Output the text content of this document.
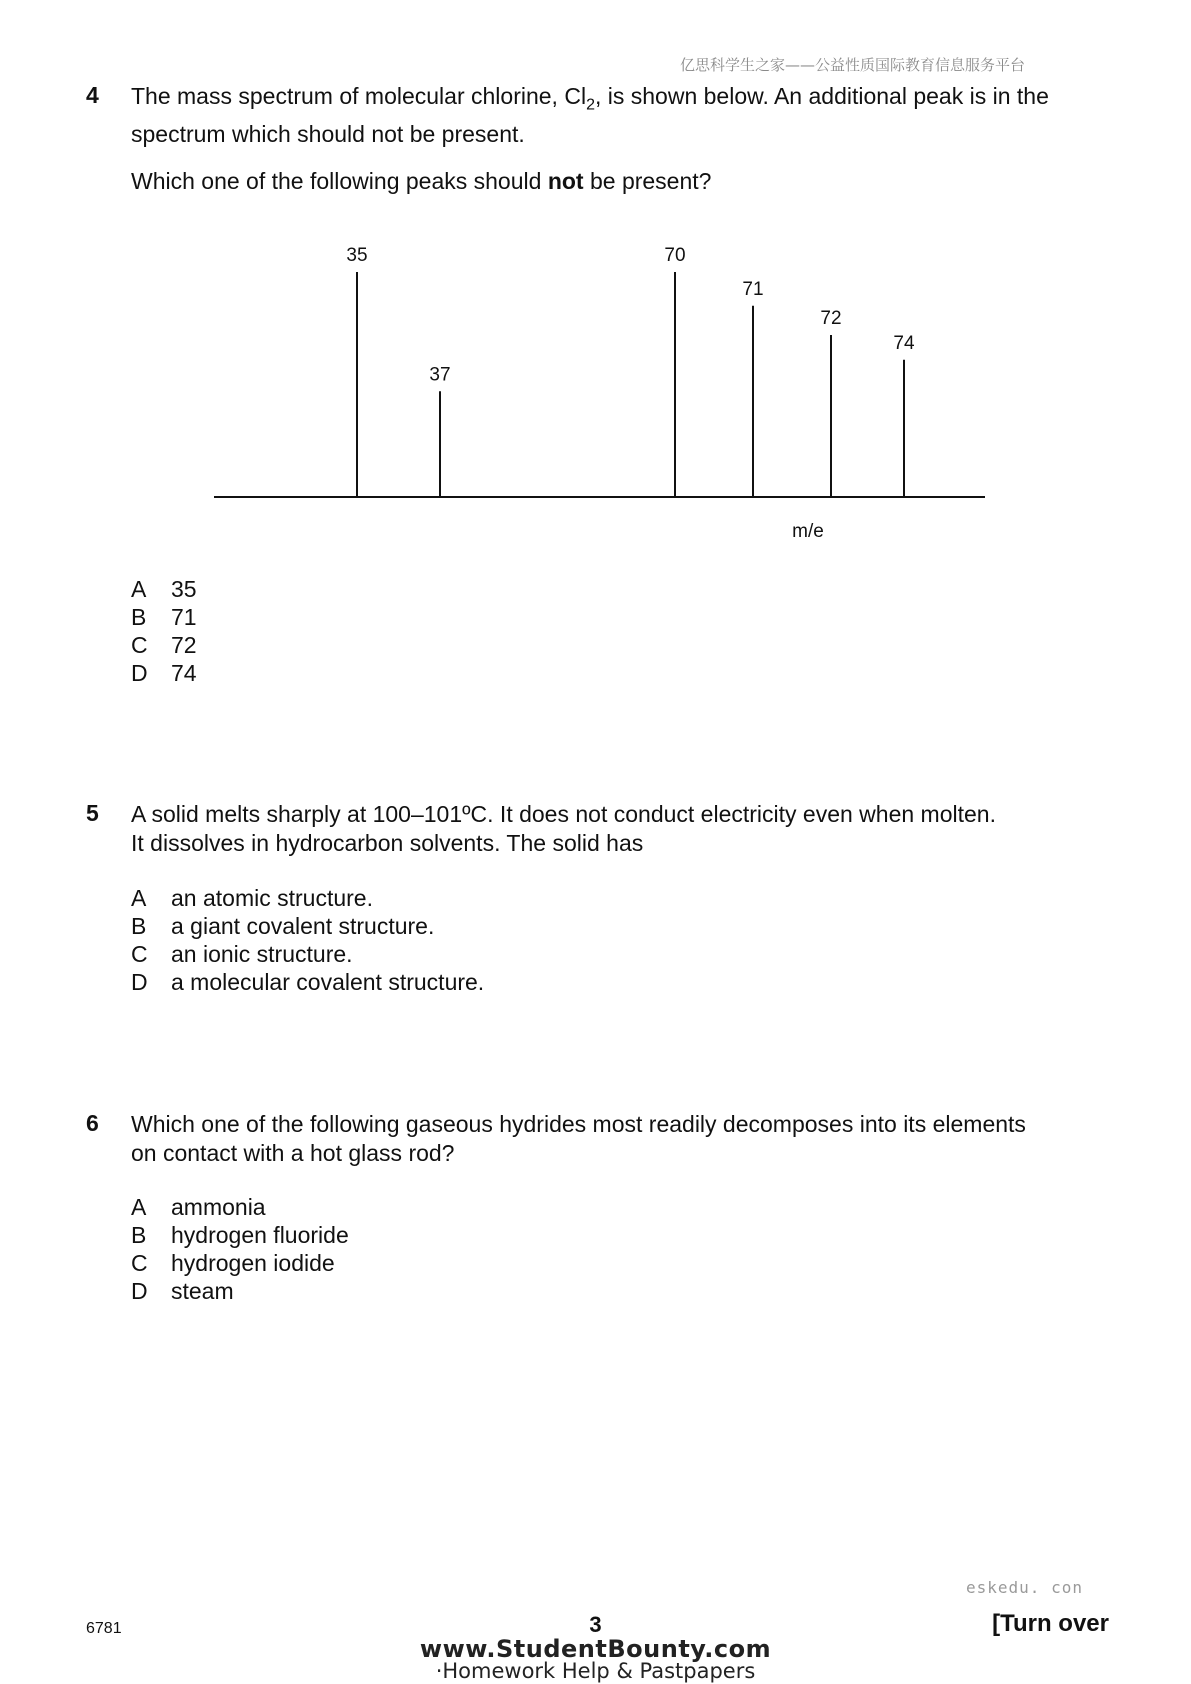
亿思科学生之家——公益性质国际教育信息服务平台
4 The mass spectrum of molecular chlorine, $Cl_2$, is shown below. An additional peak is in the
spectrum which should not be present.
Which one of the following peaks should not be present?
35
37
70
71
72
74
m/e
A 35
B 71
C 72
D 74
5 A solid melts sharply at 100–101ºC. It does not conduct electricity even when molten.
It dissolves in hydrocarbon solvents. The solid has
A an atomic structure.
B a giant covalent structure.
C an ionic structure.
D a molecular covalent structure.
6 Which one of the following gaseous hydrides most readily decomposes into its elements
on contact with a hot glass rod?
A ammonia
B hydrogen fluoride
C hydrogen iodide
D steam
eskedu. con
6781	3	[Turn over
www.StudentBounty.com
·Homework Help & Pastpapers
